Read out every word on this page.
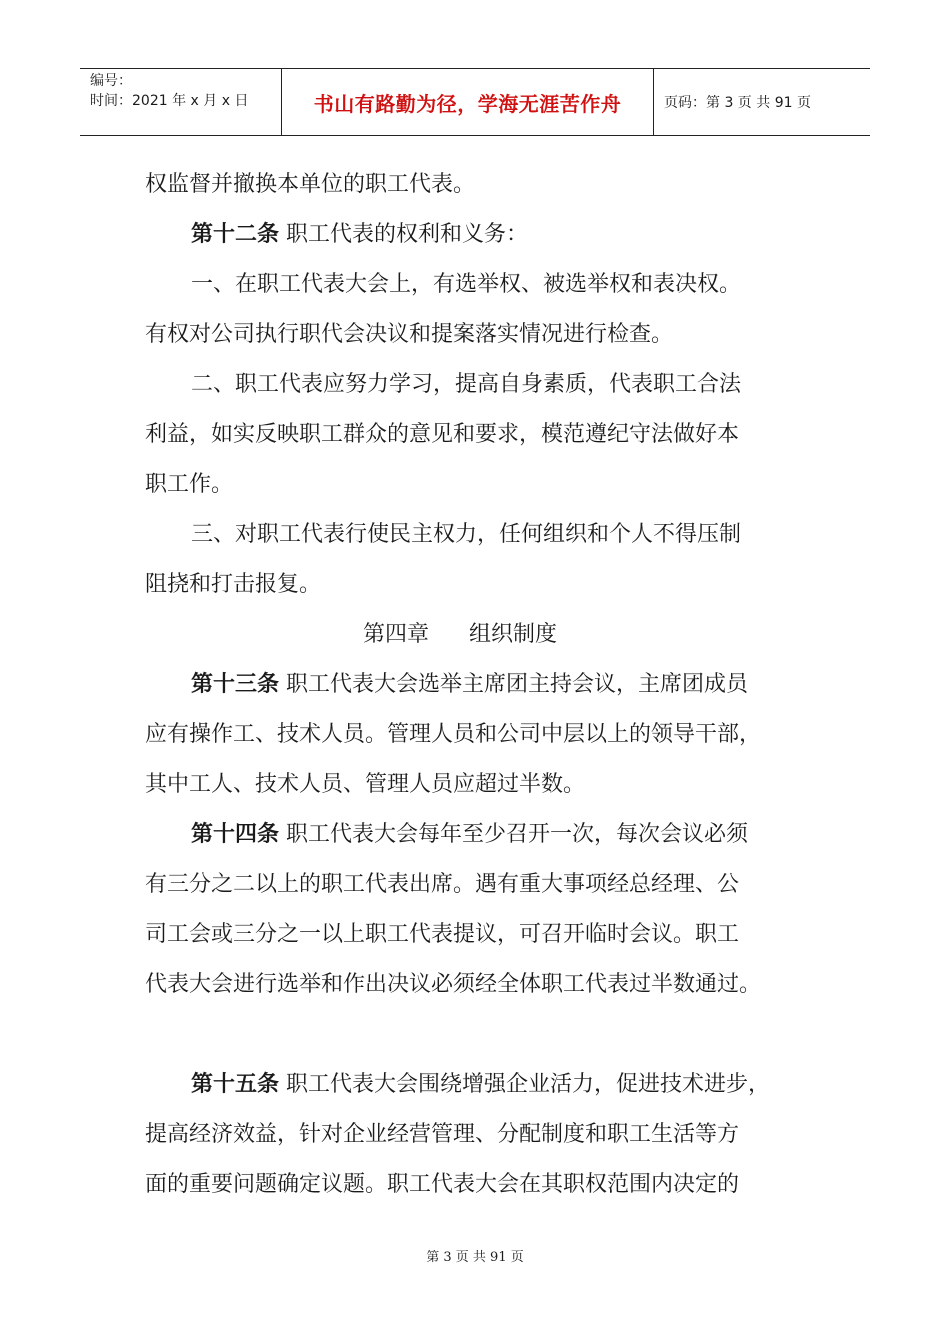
编号：
时间：2021 年 x 月 x 日	书山有路勤为径，学海无涯苦作舟	页码：第 3 页 共 91 页
权监督并撤换本单位的职工代表。
第十二条 职工代表的权利和义务：
一、在职工代表大会上，有选举权、被选举权和表决权。
有权对公司执行职代会决议和提案落实情况进行检查。
二、职工代表应努力学习，提高自身素质，代表职工合法
利益，如实反映职工群众的意见和要求，模范遵纪守法做好本
职工作。
三、对职工代表行使民主权力，任何组织和个人不得压制
阻挠和打击报复。
第四章 组织制度
第十三条 职工代表大会选举主席团主持会议，主席团成员
应有操作工、技术人员。管理人员和公司中层以上的领导干部，
其中工人、技术人员、管理人员应超过半数。
第十四条 职工代表大会每年至少召开一次，每次会议必须
有三分之二以上的职工代表出席。遇有重大事项经总经理、公
司工会或三分之一以上职工代表提议，可召开临时会议。职工
代表大会进行选举和作出决议必须经全体职工代表过半数通过。
第十五条 职工代表大会围绕增强企业活力，促进技术进步，
提高经济效益，针对企业经营管理、分配制度和职工生活等方
面的重要问题确定议题。职工代表大会在其职权范围内决定的
第 3 页 共 91 页
